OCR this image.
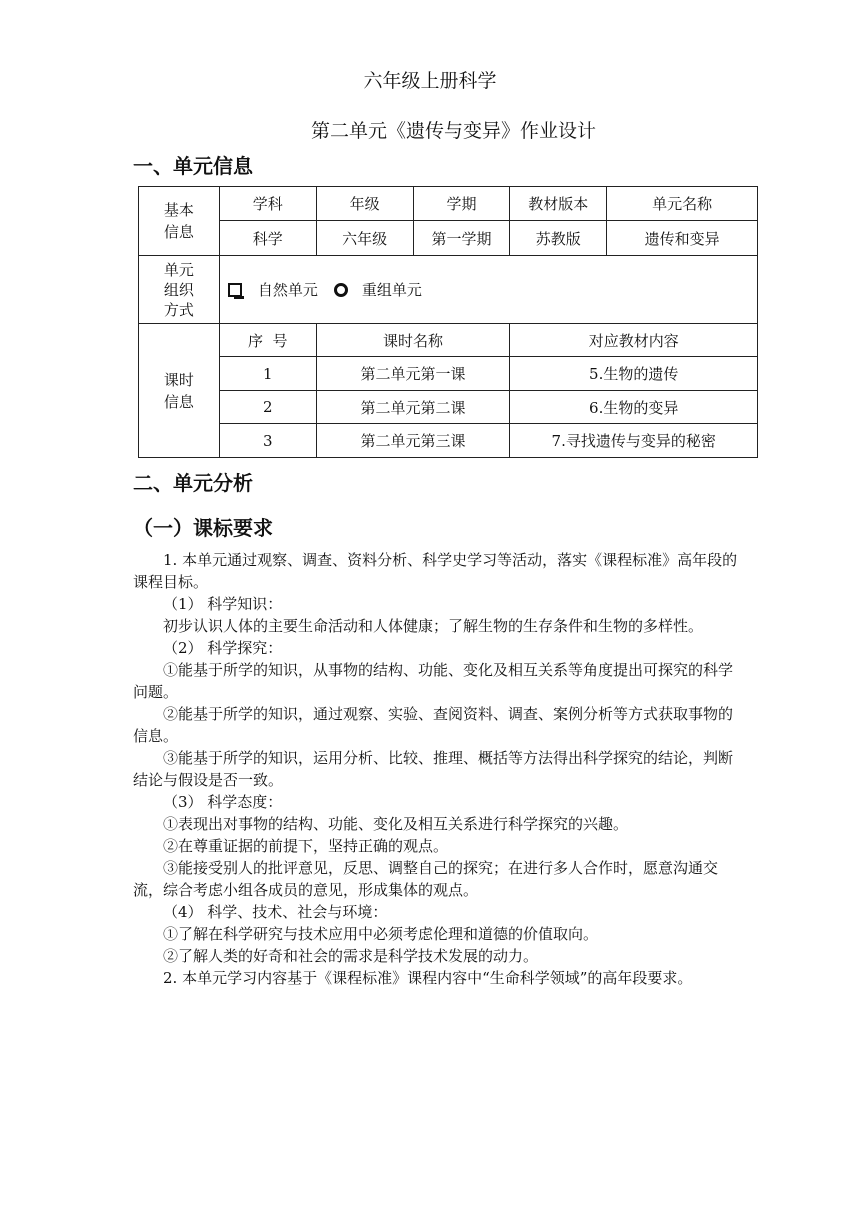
六年级上册科学
第二单元《遗传与变异》作业设计
一、单元信息
基本
信息	学科	年级	学期	教材版本	单元名称
	科学	六年级	第一学期	苏教版	遗传和变异
单元
组织
方式	自然单元 重组单元				

课时
信息	序  号	课时名称		对应教材内容	
	1	第二单元第一课		5.生物的遗传	
	2	第二单元第二课		6.生物的变异	
	3	第二单元第三课		7.寻找遗传与变异的秘密	
二、单元分析
（一）课标要求

1. 本单元通过观察、调查、资料分析、科学史学习等活动，落实《课程标准》高年段的课程目标。

（1） 科学知识：

初步认识人体的主要生命活动和人体健康；了解生物的生存条件和生物的多样性。

（2） 科学探究：

①能基于所学的知识，从事物的结构、功能、变化及相互关系等角度提出可探究的科学问题。

②能基于所学的知识，通过观察、实验、查阅资料、调查、案例分析等方式获取事物的信息。

③能基于所学的知识，运用分析、比较、推理、概括等方法得出科学探究的结论，判断结论与假设是否一致。

（3） 科学态度：

①表现出对事物的结构、功能、变化及相互关系进行科学探究的兴趣。

②在尊重证据的前提下，坚持正确的观点。

③能接受别人的批评意见，反思、调整自己的探究；在进行多人合作时，愿意沟通交流，综合考虑小组各成员的意见，形成集体的观点。

（4） 科学、技术、社会与环境：

①了解在科学研究与技术应用中必须考虑伦理和道德的价值取向。

②了解人类的好奇和社会的需求是科学技术发展的动力。

2. 本单元学习内容基于《课程标准》课程内容中“生命科学领域”的高年段要求。
